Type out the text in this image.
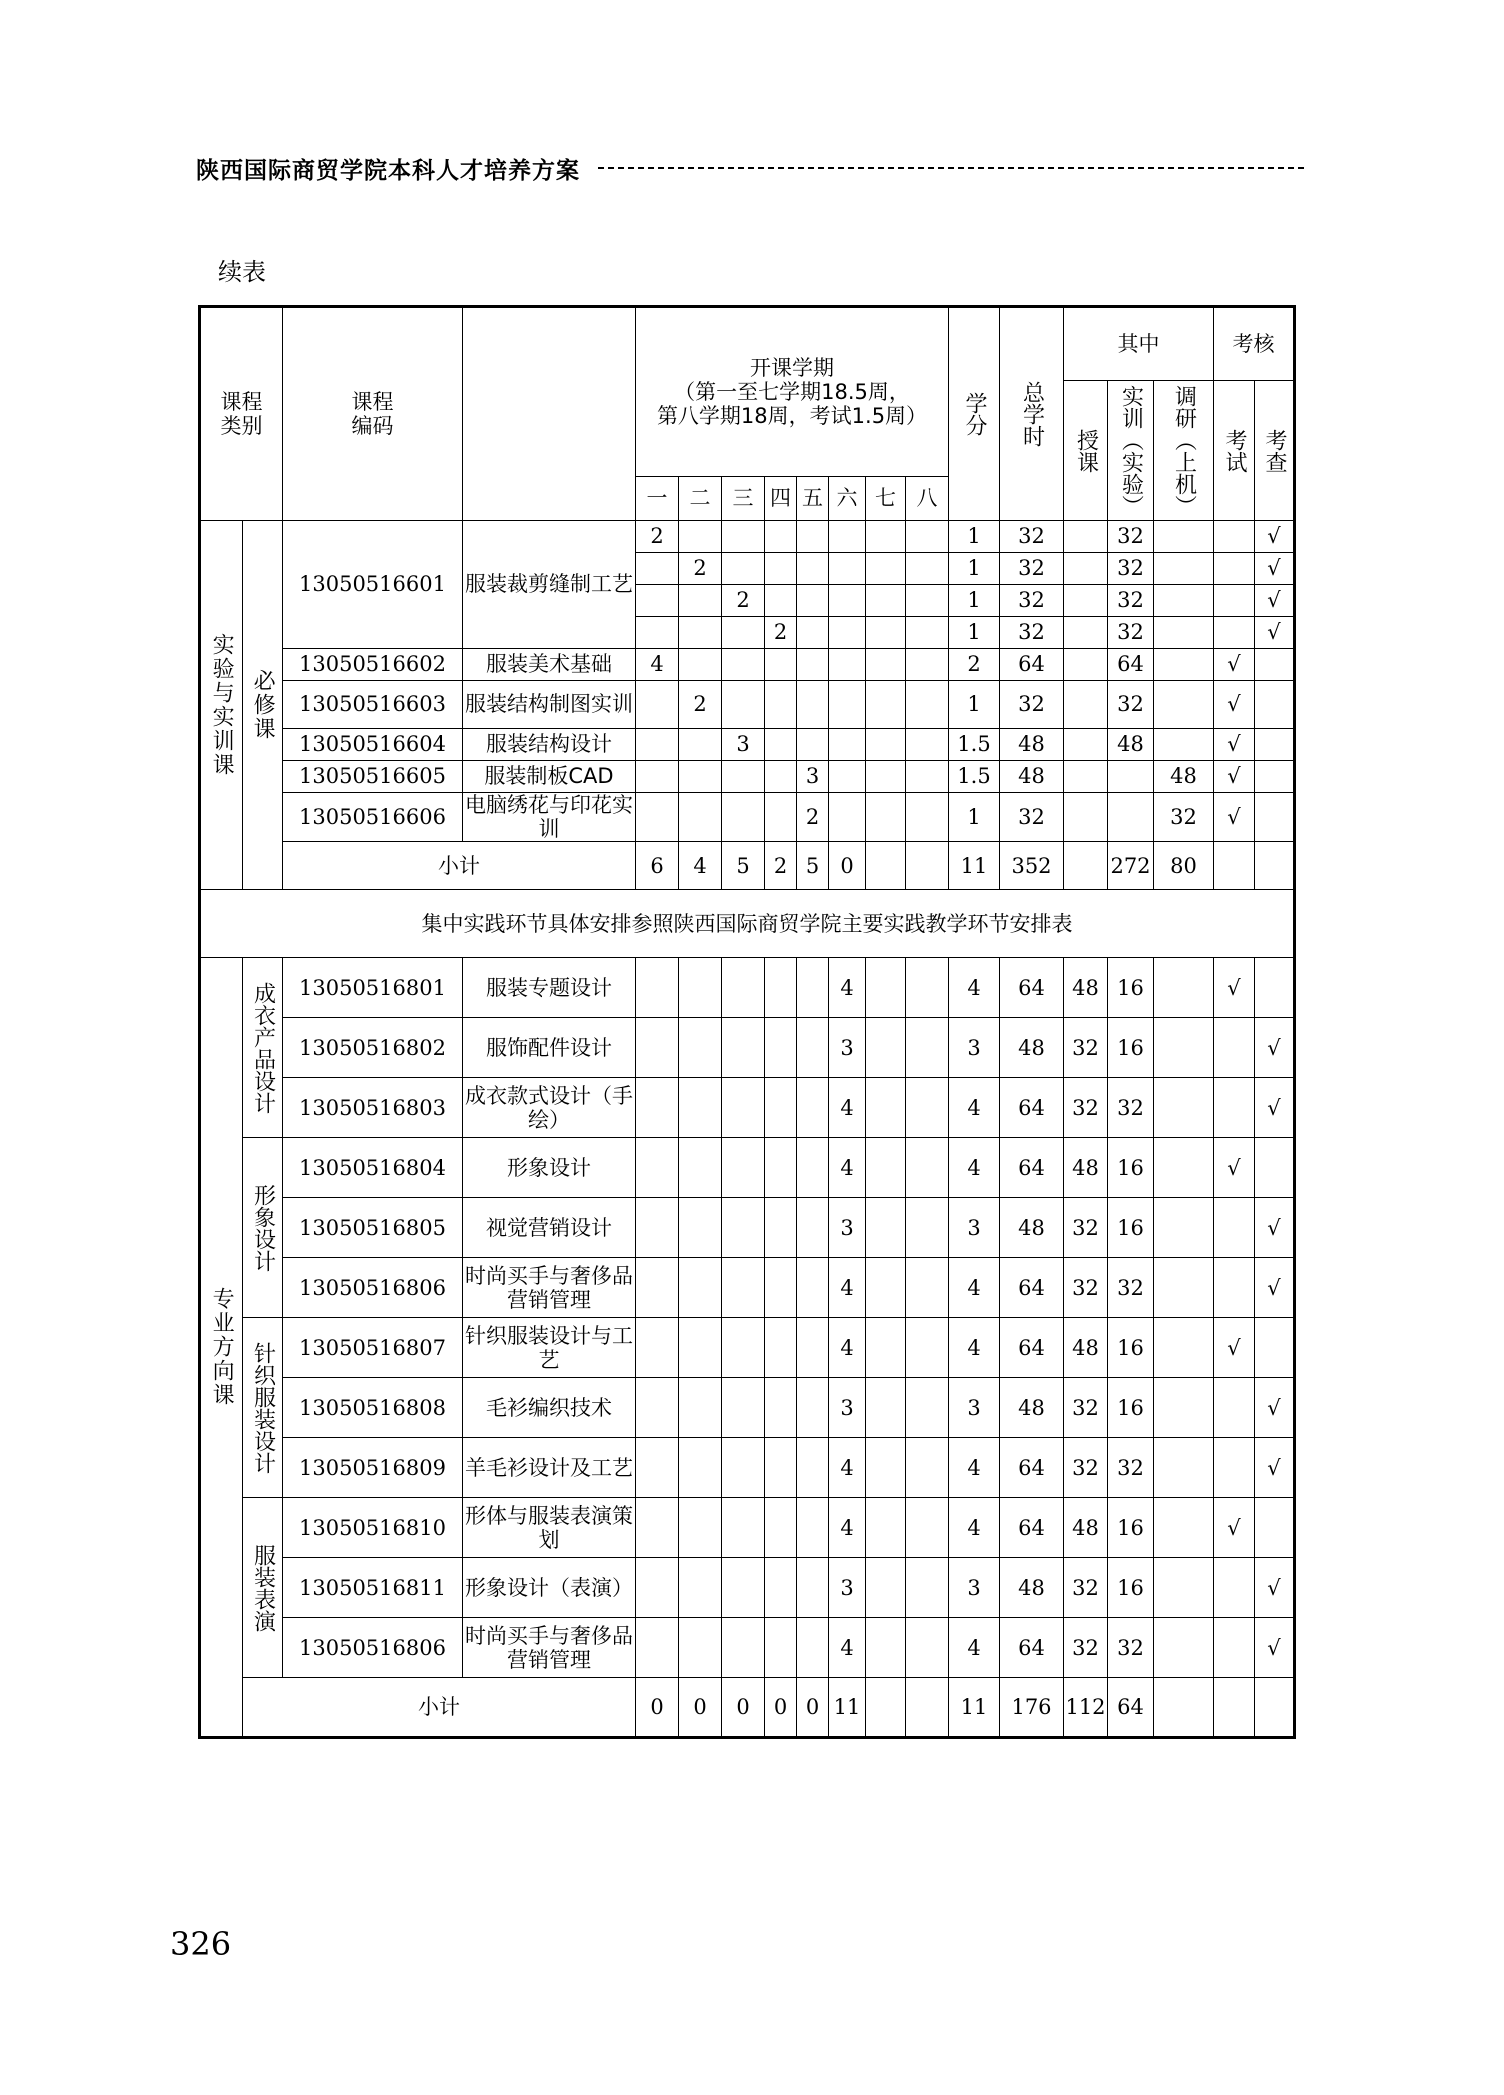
陕西国际商贸学院本科人才培养方案
续表
课程类别		课程编码		开课学期
（第一至七学期18.5周，
第八学期18周，考试1.5周）								学分	总学时	其中			考核	

														授课	实训（实验）	调研（上机）	考试	考查

				一	二	三	四	五	六	七	八							

实验与实训课	必修课	13050516601	服装裁剪缝制工艺	2								1	32		32			√
					2							1	32		32			√
						2						1	32		32			√
							2					1	32		32			√
		13050516602	服装美术基础	4								2	64		64		√	
		13050516603	服装结构制图实训		2							1	32		32		√	
		13050516604	服装结构设计			3						1.5	48		48		√	
		13050516605	服装制板CAD					3				1.5	48			48	√	
		13050516606	电脑绣花与印花实训					2				1	32			32	√	
		小计		6	4	5	2	5	0			11	352		272	80		
集中实践环节具体安排参照陕西国际商贸学院主要实践教学环节安排表																		

专业方向课	成衣产品设计	13050516801	服装专题设计						4			4	64	48	16		√	
		13050516802	服饰配件设计						3			3	48	32	16			√
		13050516803	成衣款式设计（手绘）						4			4	64	32	32			√

	形象设计	13050516804	形象设计						4			4	64	48	16		√	
		13050516805	视觉营销设计						3			3	48	32	16			√
		13050516806	时尚买手与奢侈品营销管理						4			4	64	32	32			√

	针织服装设计	13050516807	针织服装设计与工艺						4			4	64	48	16		√	
		13050516808	毛衫编织技术						3			3	48	32	16			√
		13050516809	羊毛衫设计及工艺						4			4	64	32	32			√

	服装表演	13050516810	形体与服装表演策划						4			4	64	48	16		√	
		13050516811	形象设计（表演）						3			3	48	32	16			√
		13050516806	时尚买手与奢侈品营销管理						4			4	64	32	32			√
	小计			0	0	0	0	0	11			11	176	112	64			
326
